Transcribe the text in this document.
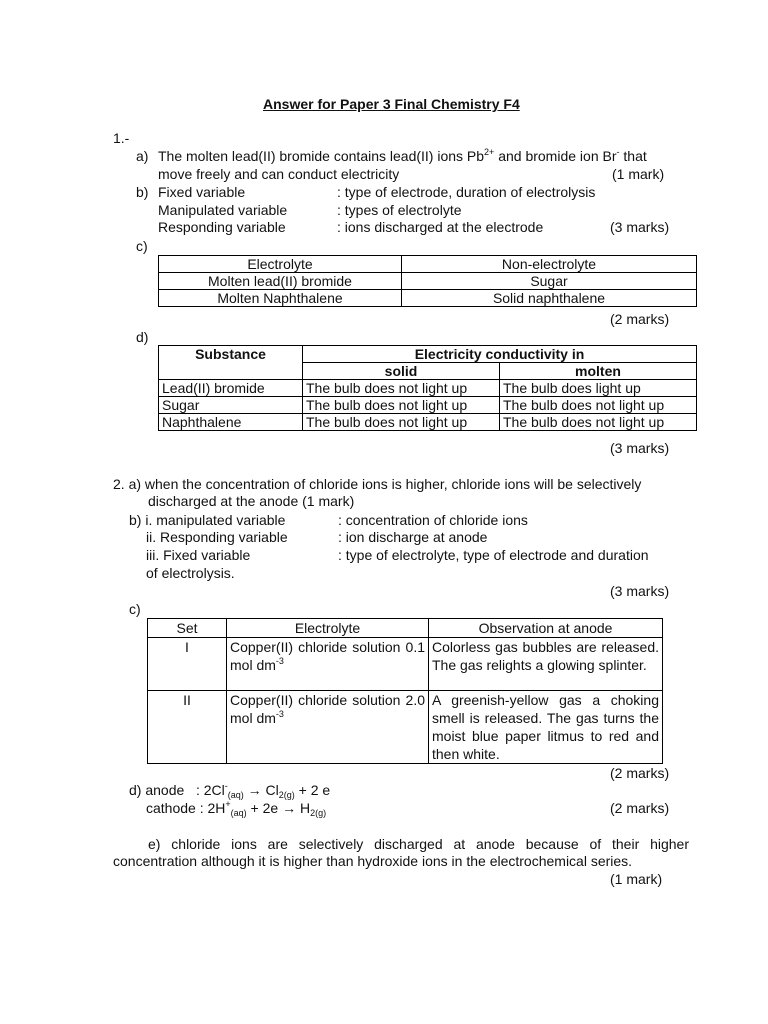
Answer for Paper 3 Final Chemistry F4
1.-
a) The molten lead(II) bromide contains lead(II) ions $Pb^{2+}$ and bromide ion Br- that
move freely and can conduct electricity	(1 mark)
b) Fixed variable	: type of electrode, duration of electrolysis
Manipulated variable	: types of electrolyte
Responding variable	: ions discharged at the electrode	(3 marks)
c)
Electrolyte	Non-electrolyte
Molten lead(II) bromide	Sugar
Molten Naphthalene	Solid naphthalene
(2 marks)
d)
Substance	Electricity conductivity in	
	solid	molten
Lead(II) bromide	The bulb does not light up	The bulb does light up
Sugar	The bulb does not light up	The bulb does not light up
Naphthalene	The bulb does not light up	The bulb does not light up
(3 marks)
2. a) when the concentration of chloride ions is higher, chloride ions will be selectively
discharged at the anode (1 mark)
b) i. manipulated variable	: concentration of chloride ions
ii. Responding variable	: ion discharge at anode
iii. Fixed variable	: type of electrolyte, type of electrode and duration
of electrolysis.
(3 marks)
c)
Set	Electrolyte	Observation at anode
I	Copper(II) chloride solution 0.1 mol $dm^{-3}$	Colorless gas bubbles are released. The gas relights a glowing splinter.
II	Copper(II) chloride solution 2.0 mol $dm^{-3}$	A greenish-yellow gas a choking smell is released. The gas turns the moist blue paper litmus to red and then white.
(2 marks)
d) anode   : $2Cl^-_{(aq)} \to Cl_{2(g)} + 2$ e
cathode : $2H^+_{(aq)} + 2e \to H_{2(g)}$	(2 marks)
e) chloride ions are selectively discharged at anode because of their higher concentration although it is higher than hydroxide ions in the electrochemical series.
(1 mark)
